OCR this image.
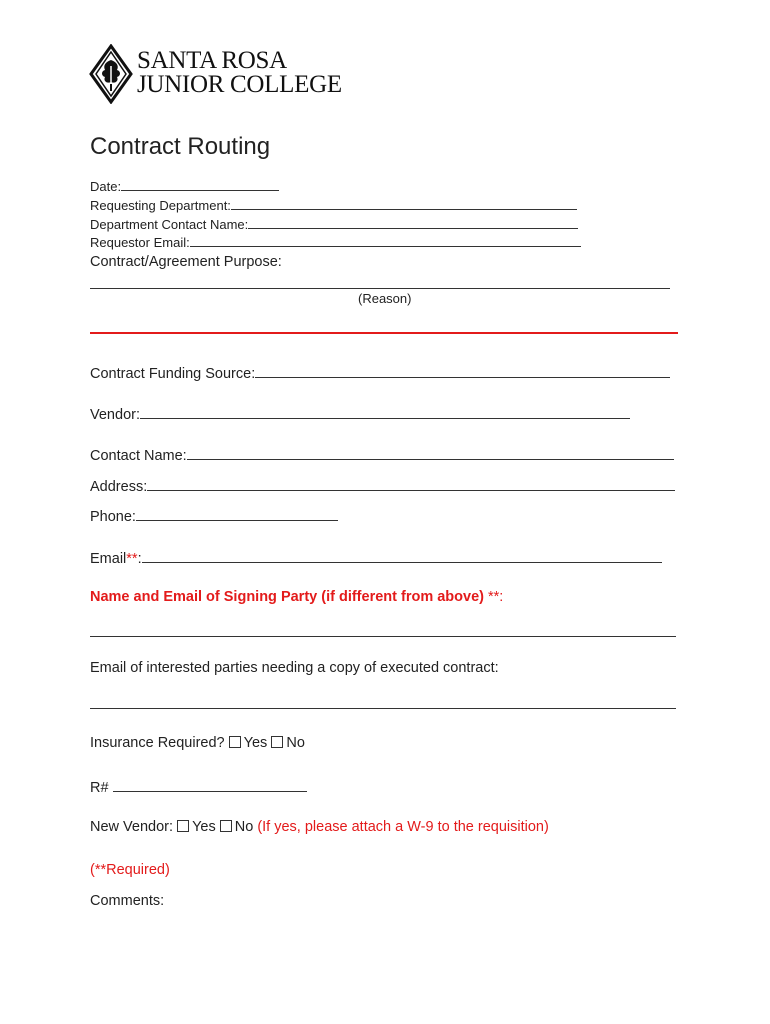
SANTA ROSA
JUNIOR COLLEGE
Contract Routing
Date:
Requesting Department:
Department Contact Name:
Requestor Email:
Contract/Agreement Purpose:
(Reason)
Contract Funding Source:
Vendor:
Contact Name:
Address:
Phone:
Email**:
Name and Email of Signing Party (if different from above) **:
Email of interested parties needing a copy of executed contract:
Insurance Required? Yes No
R#
New Vendor: Yes No (If yes, please attach a W-9 to the requisition)
(**Required)
Comments:
